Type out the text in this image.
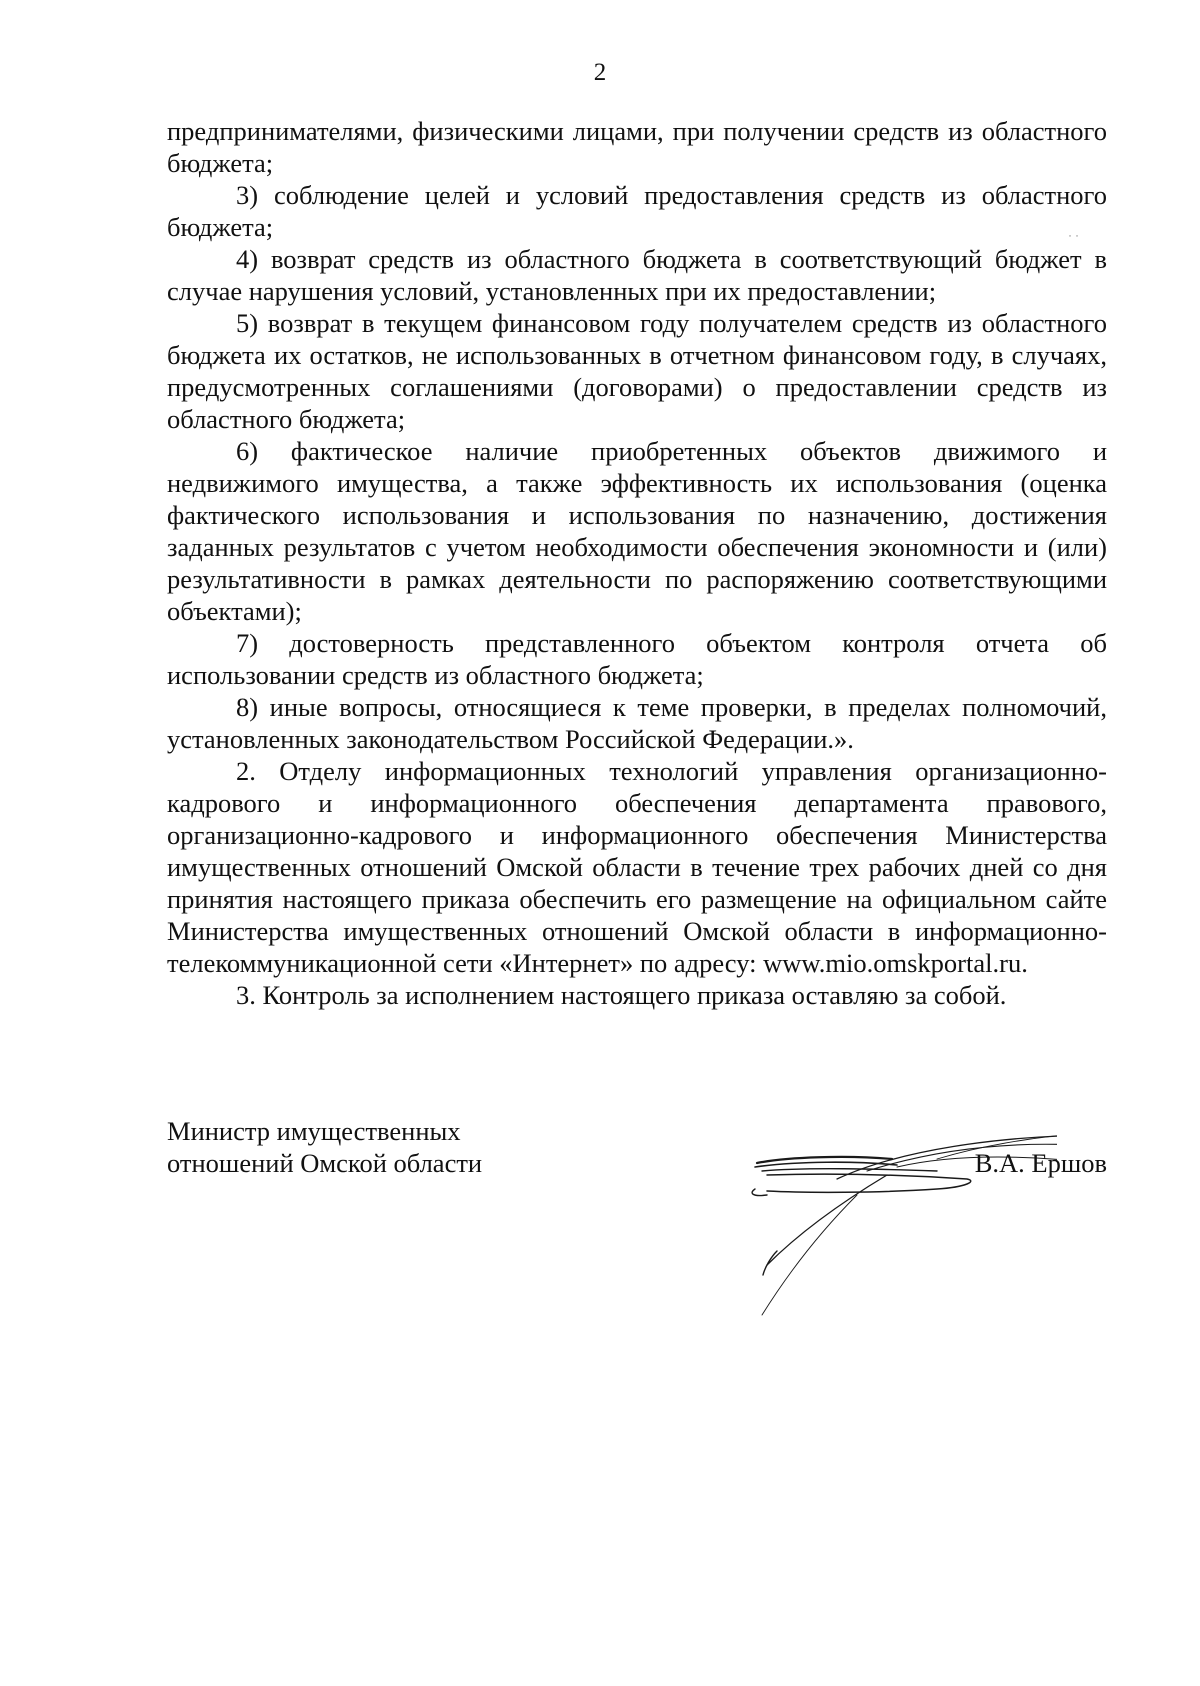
2
˙ ˙

предпринимателями, физическими лицами, при получении средств из областного бюджета;

3) соблюдение целей и условий предоставления средств из областного бюджета;

4) возврат средств из областного бюджета в соответствующий бюджет в случае нарушения условий, установленных при их предоставлении;

5) возврат в текущем финансовом году получателем средств из областного бюджета их остатков, не использованных в отчетном финансовом году, в случаях, предусмотренных соглашениями (договорами) о предоставлении средств из областного бюджета;

6) фактическое наличие приобретенных объектов движимого и недвижимого имущества, а также эффективность их использования (оценка фактического использования и использования по назначению, достижения заданных результатов с учетом необходимости обеспечения экономности и (или) результативности в рамках деятельности по распоряжению соответствующими объектами);

7) достоверность представленного объектом контроля отчета об использовании средств из областного бюджета;

8) иные вопросы, относящиеся к теме проверки, в пределах полномочий, установленных законодательством Российской Федерации.».

2. Отделу информационных технологий управления организационно-кадрового и информационного обеспечения департамента правового, организационно-кадрового и информационного обеспечения Министерства имущественных отношений Омской области в течение трех рабочих дней со дня принятия настоящего приказа обеспечить его размещение на официальном сайте Министерства имущественных отношений Омской области в информационно-телекоммуникационной сети «Интернет» по адресу: www.mio.omskportal.ru.

3. Контроль за исполнением настоящего приказа оставляю за собой.

Министр имущественных
отношений Омской области	В.А. Ершов
